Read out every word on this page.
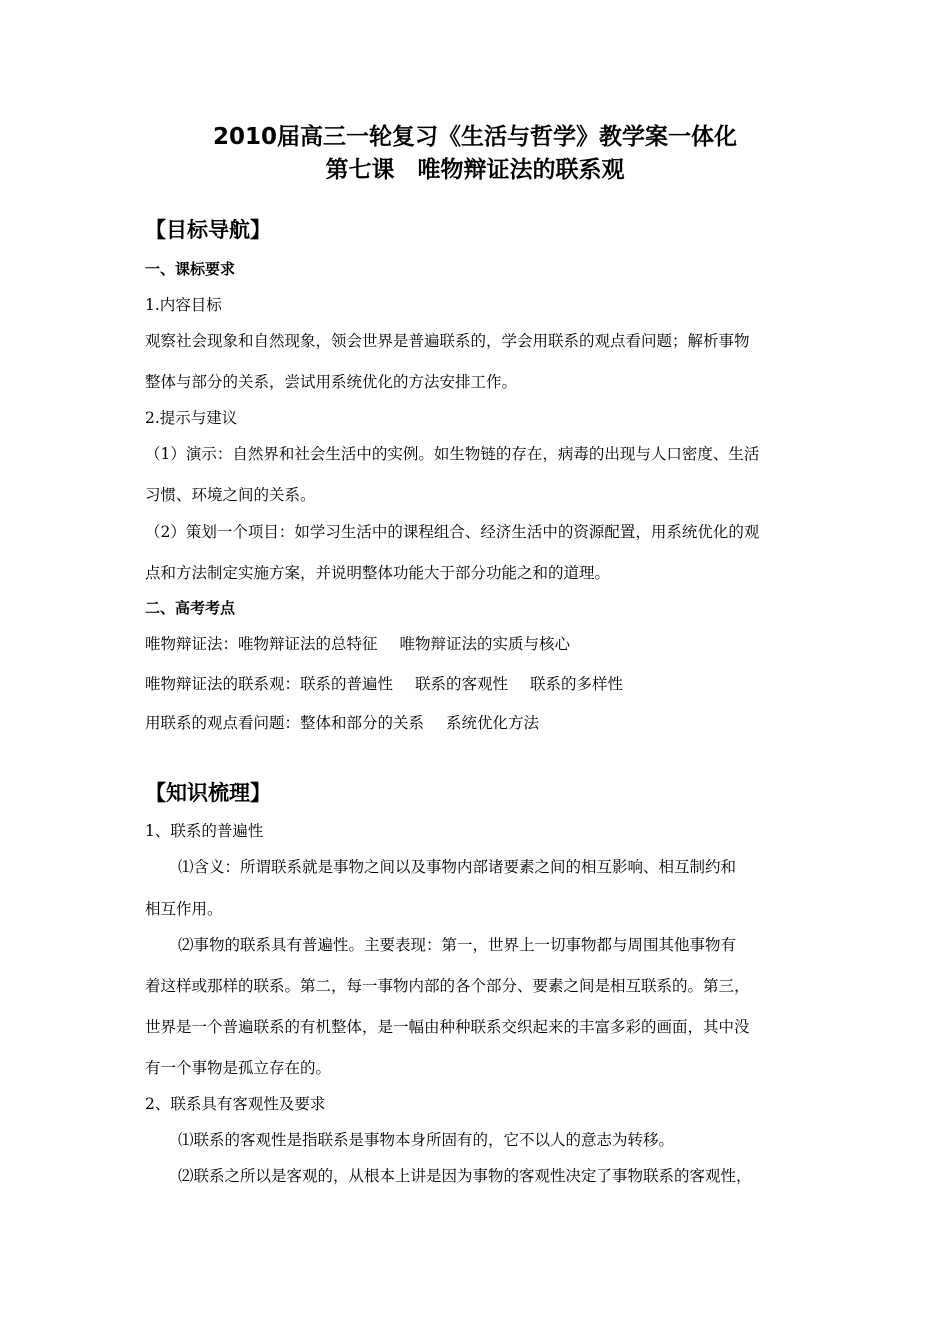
2010届高三一轮复习《生活与哲学》教学案一体化
第七课　唯物辩证法的联系观
【目标导航】
一、课标要求
1.内容目标
观察社会现象和自然现象，领会世界是普遍联系的，学会用联系的观点看问题；解析事物
整体与部分的关系，尝试用系统优化的方法安排工作。
2.提示与建议
（1）演示：自然界和社会生活中的实例。如生物链的存在，病毒的出现与人口密度、生活
习惯、环境之间的关系。
（2）策划一个项目：如学习生活中的课程组合、经济生活中的资源配置，用系统优化的观
点和方法制定实施方案，并说明整体功能大于部分功能之和的道理。
二、高考考点
唯物辩证法：唯物辩证法的总特征 唯物辩证法的实质与核心
唯物辩证法的联系观：联系的普遍性 联系的客观性 联系的多样性
用联系的观点看问题：整体和部分的关系 系统优化方法
【知识梳理】
1、联系的普遍性
⑴含义：所谓联系就是事物之间以及事物内部诸要素之间的相互影响、相互制约和
相互作用。
⑵事物的联系具有普遍性。主要表现：第一，世界上一切事物都与周围其他事物有
着这样或那样的联系。第二，每一事物内部的各个部分、要素之间是相互联系的。第三，
世界是一个普遍联系的有机整体，是一幅由种种联系交织起来的丰富多彩的画面，其中没
有一个事物是孤立存在的。
2、联系具有客观性及要求
⑴联系的客观性是指联系是事物本身所固有的，它不以人的意志为转移。
⑵联系之所以是客观的，从根本上讲是因为事物的客观性决定了事物联系的客观性，
